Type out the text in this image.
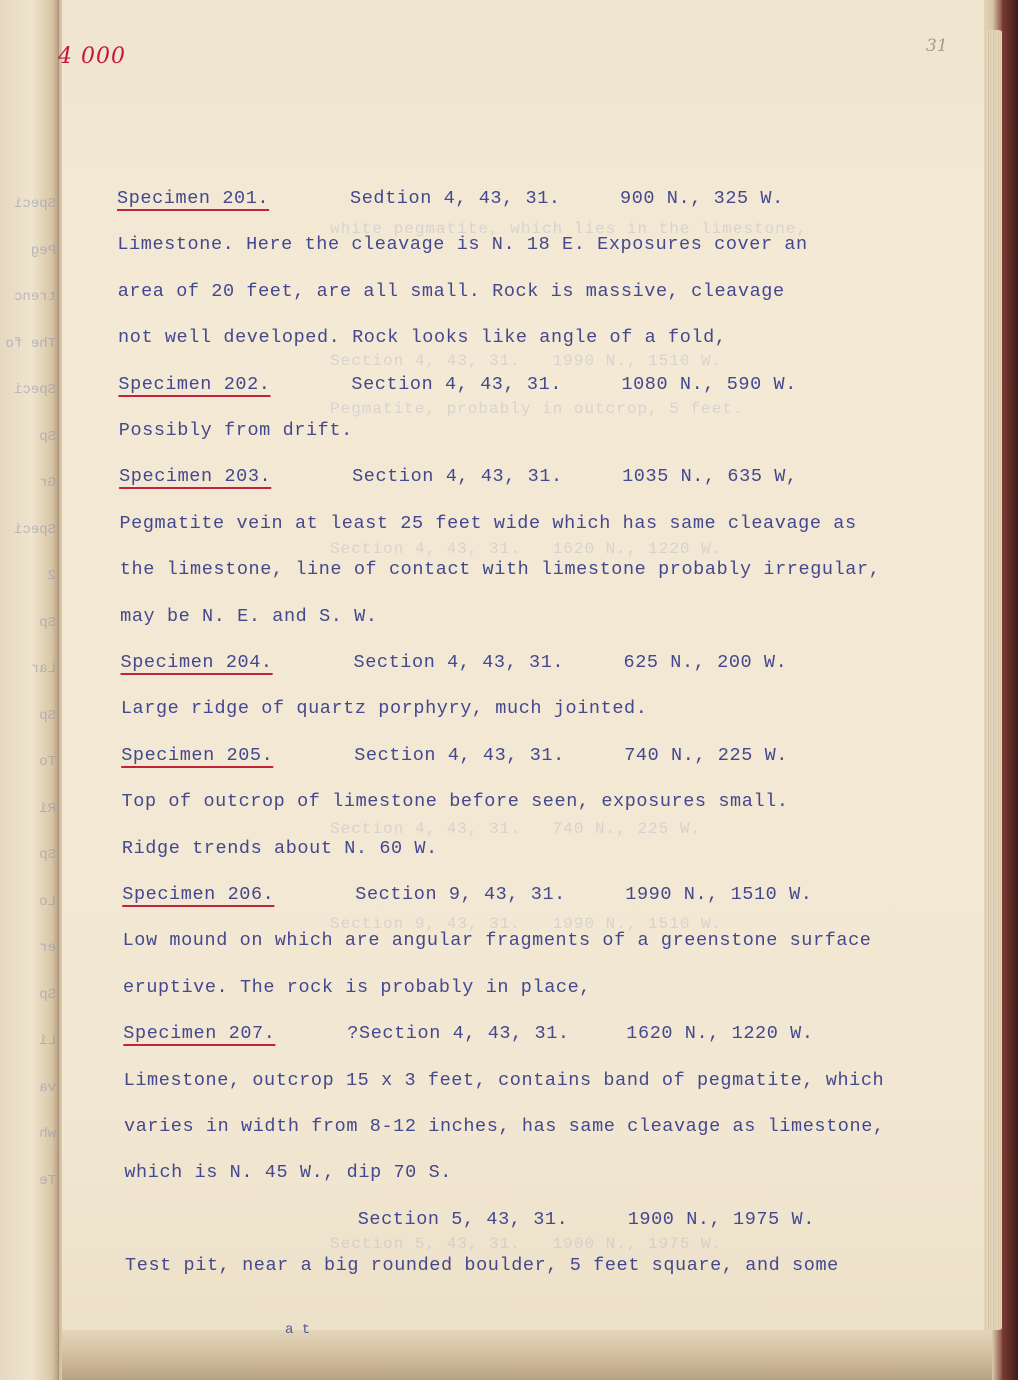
Speci
Peg
trenc
The fo
Speci
Sp
Gr
Speci
2
Sp
Lar
Sp
To
Ri
Sp
Lo
er
Sp
Li
va
wh
Te
4 000	31
white pegmatite, which lies in the limestone,
Section 4, 43, 31.   1990 N., 1510 W.
Pegmatite, probably in outcrop, 5 feet.
Section 4, 43, 31.   1620 N., 1220 W.
Section 4, 43, 31.   740 N., 225 W.
Section 9, 43, 31.   1990 N., 1510 W.
Section 5, 43, 31.   1900 N., 1975 W.
Specimen 201.	Sedtion 4, 43, 31.	900 N., 325 W.
Limestone. Here the cleavage is N. 18 E. Exposures cover an
area of 20 feet, are all small. Rock is massive, cleavage
not well developed. Rock looks like angle of a fold,
Specimen 202.	Section 4, 43, 31.	1080 N., 590 W.
Possibly from drift.
Specimen 203.	Section 4, 43, 31.	1035 N., 635 W,
Pegmatite vein at least 25 feet wide which has same cleavage as
the limestone, line of contact with limestone probably irregular,
may be N. E. and S. W.
Specimen 204.	Section 4, 43, 31.	625 N., 200 W.
Large ridge of quartz porphyry, much jointed.
Specimen 205.	Section 4, 43, 31.	740 N., 225 W.
Top of outcrop of limestone before seen, exposures small.
Ridge trends about N. 60 W.
Specimen 206.	Section 9, 43, 31.	1990 N., 1510 W.
Low mound on which are angular fragments of a greenstone surface
eruptive. The rock is probably in place,
Specimen 207.	?Section 4, 43, 31.	1620 N., 1220 W.
Limestone, outcrop 15 x 3 feet, contains band of pegmatite, which
varies in width from 8-12 inches, has same cleavage as limestone,
which is N. 45 W., dip 70 S.
Section 5, 43, 31.	1900 N., 1975 W.
Test pit, near a big rounded boulder, 5 feet square, and some
a t
